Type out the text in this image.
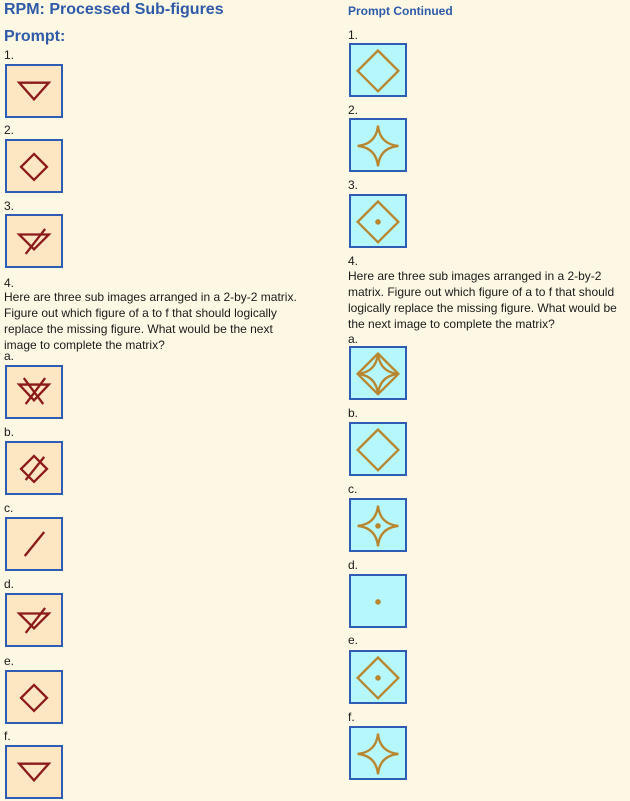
RPM: Processed Sub-figures
Prompt:
1.
2.
3.
4.
Here are three sub images arranged in a 2-by-2 matrix. Figure out which figure of a to f that should logically replace the missing figure. What would be the next image to complete the matrix?
a.
b.
c.
d.
e.
f.
Prompt Continued
1.
2.
3.
4.
Here are three sub images arranged in a 2-by-2 matrix. Figure out which figure of a to f that should logically replace the missing figure. What would be the next image to complete the matrix?
a.
b.
c.
d.
e.
f.
